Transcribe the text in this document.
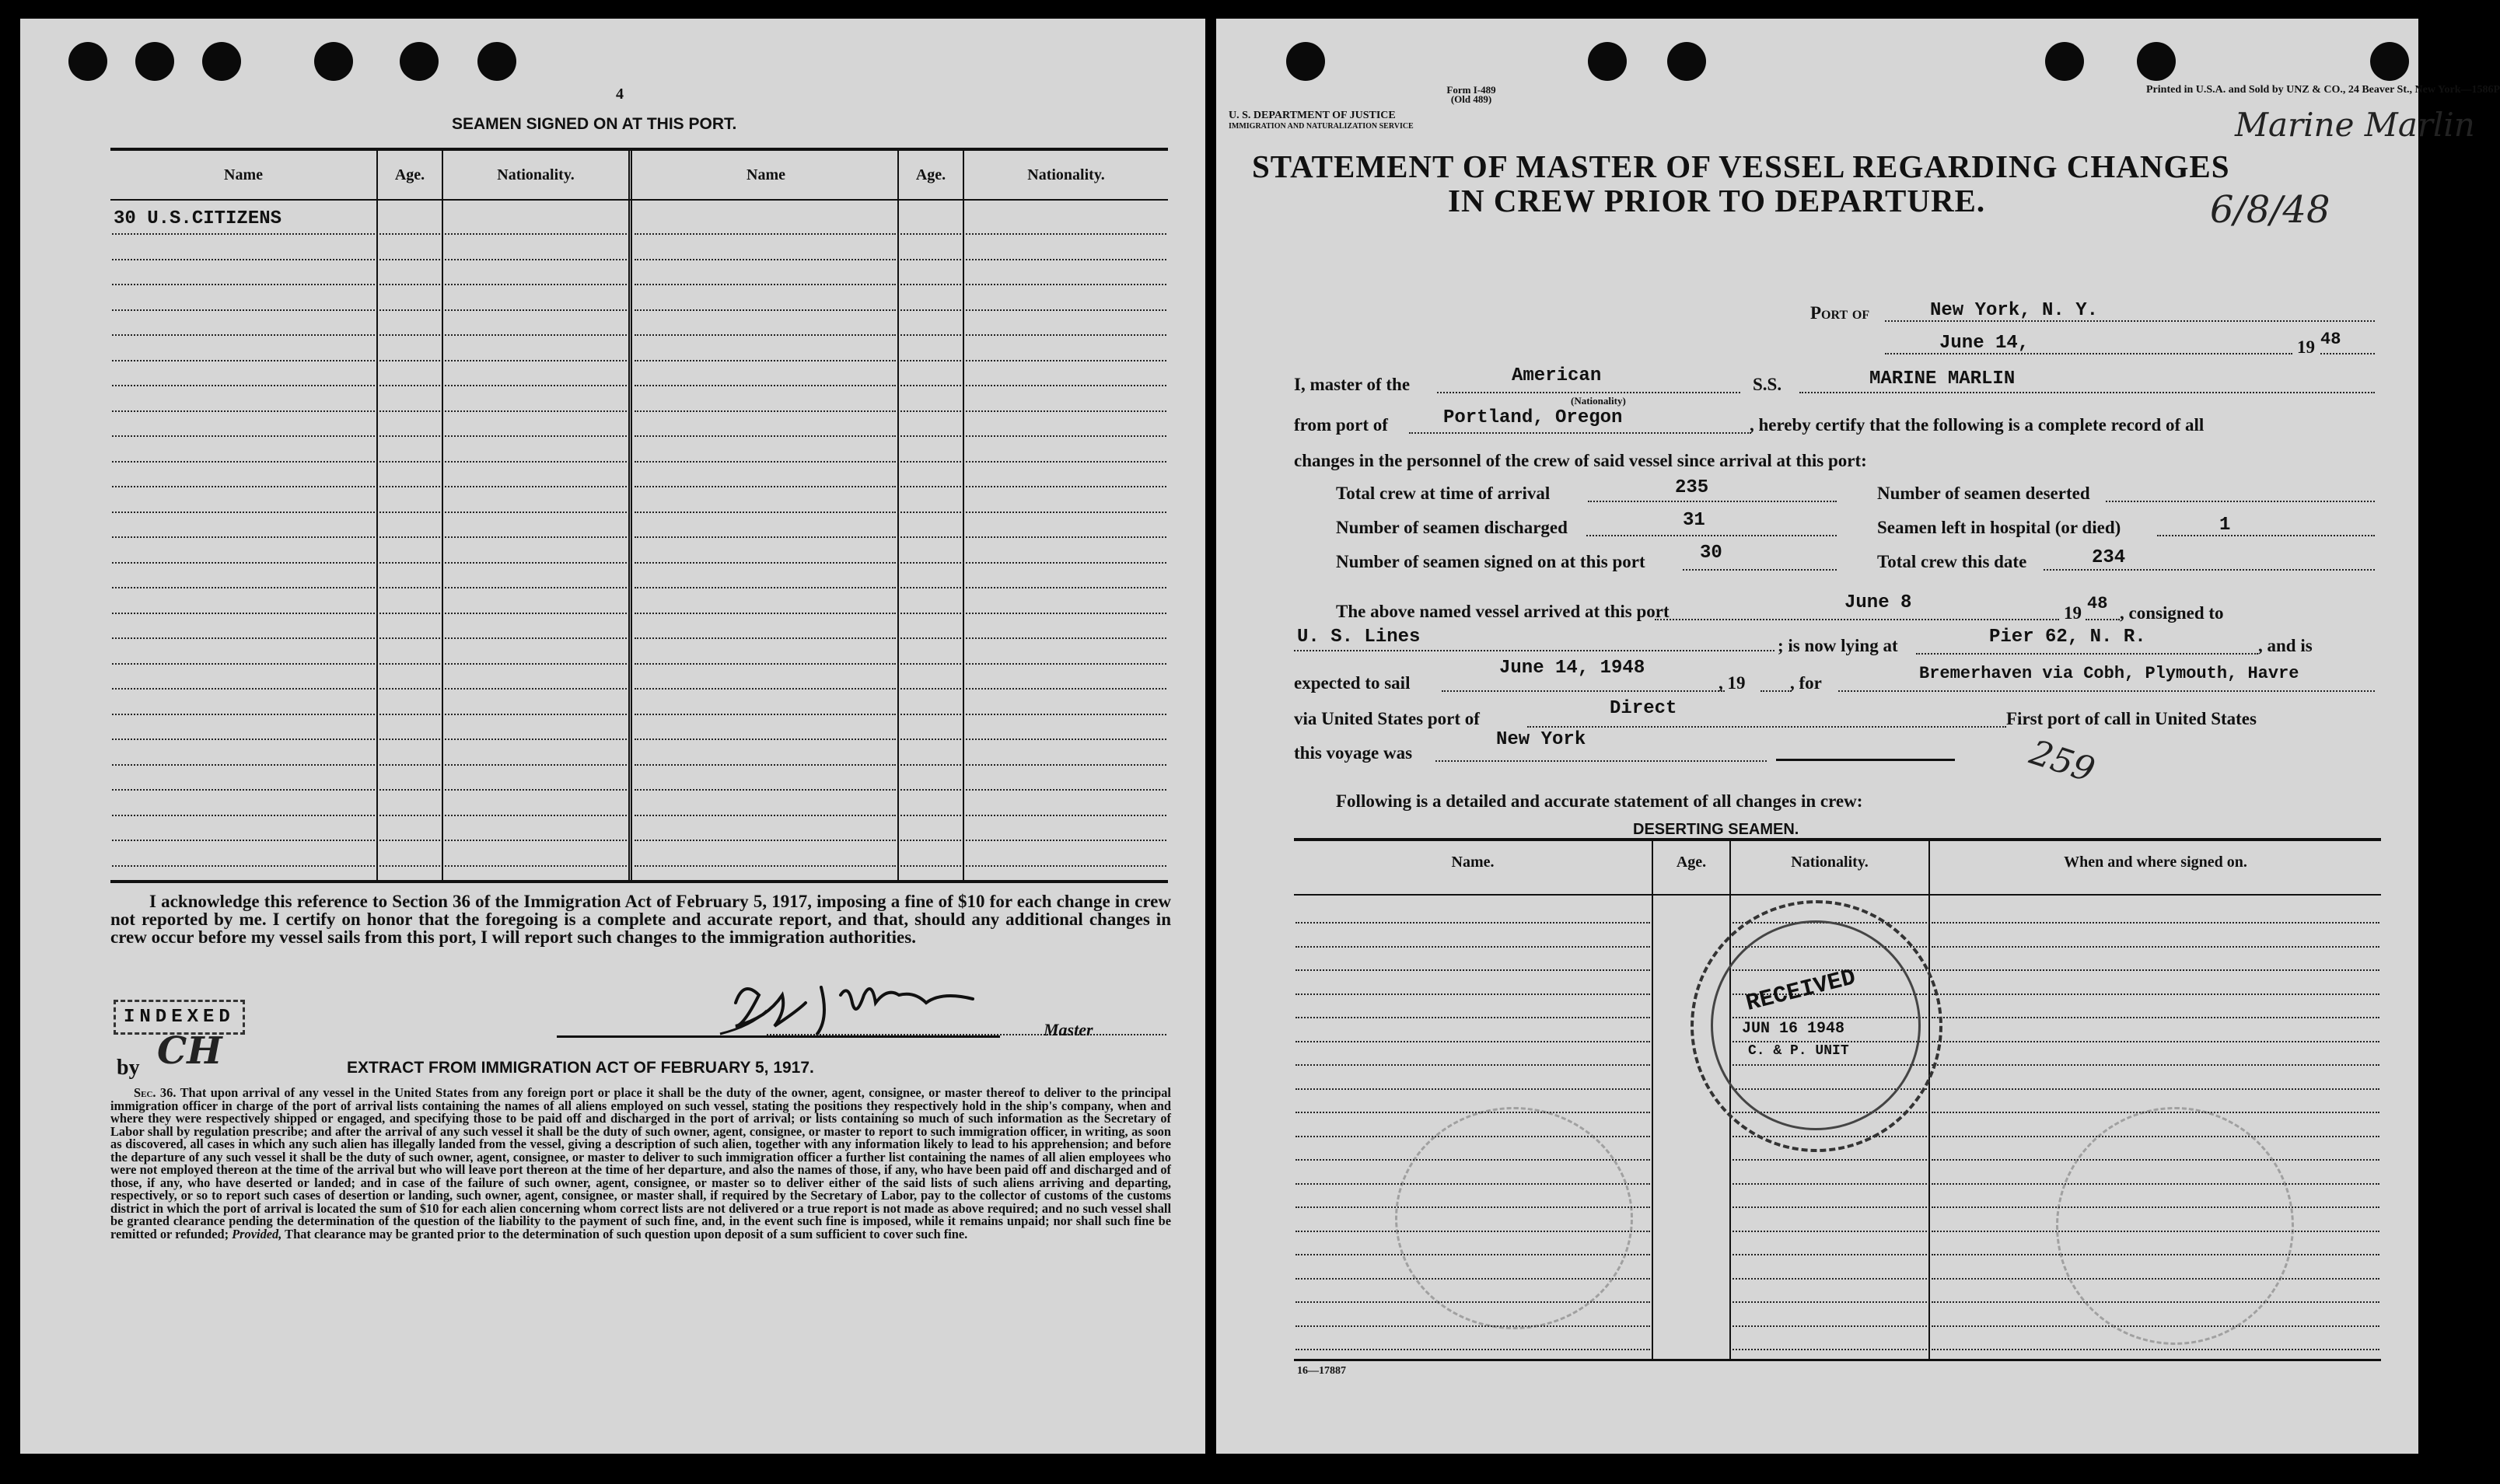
4
SEAMEN SIGNED ON AT THIS PORT.
Name	Age.	Nationality.	Name	Age.	Nationality.
30 U.S.CITIZENS
I acknowledge this reference to Section 36 of the Immigration Act of February 5, 1917, imposing a fine of $10 for each change in crew not reported by me. I certify on honor that the foregoing is a complete and accurate report, and that, should any additional changes in crew occur before my vessel sails from this port, I will report such changes to the immigration authorities.
Master
INDEXED
by CH	EXTRACT FROM IMMIGRATION ACT OF FEBRUARY 5, 1917.
Sec. 36. That upon arrival of any vessel in the United States from any foreign port or place it shall be the duty of the owner, agent, consignee, or master thereof to deliver to the principal immigration officer in charge of the port of arrival lists containing the names of all aliens employed on such vessel, stating the positions they respectively hold in the ship's company, when and where they were respectively shipped or engaged, and specifying those to be paid off and discharged in the port of arrival; or lists containing so much of such information as the Secretary of Labor shall by regulation prescribe; and after the arrival of any such vessel it shall be the duty of such owner, agent, consignee, or master to report to such immigration officer, in writing, as soon as discovered, all cases in which any such alien has illegally landed from the vessel, giving a description of such alien, together with any information likely to lead to his apprehension; and before the departure of any such vessel it shall be the duty of such owner, agent, consignee, or master to deliver to such immigration officer a further list containing the names of all alien employees who were not employed thereon at the time of the arrival but who will leave port thereon at the time of her departure, and also the names of those, if any, who have been paid off and discharged and of those, if any, who have deserted or landed; and in case of the failure of such owner, agent, consignee, or master so to deliver either of the said lists of such aliens arriving and departing, respectively, or so to report such cases of desertion or landing, such owner, agent, consignee, or master shall, if required by the Secretary of Labor, pay to the collector of customs of the customs district in which the port of arrival is located the sum of $10 for each alien concerning whom correct lists are not delivered or a true report is not made as above required; and no such vessel shall be granted clearance pending the determination of the question of the liability to the payment of such fine, and, in the event such fine is imposed, while it remains unpaid; nor shall such fine be remitted or refunded; Provided, That clearance may be granted prior to the determination of such question upon deposit of a sum sufficient to cover such fine.
Form I-489
(Old 489)
U. S. DEPARTMENT OF JUSTICE
IMMIGRATION AND NATURALIZATION SERVICE
Printed in U.S.A. and Sold by UNZ & CO., 24 Beaver St., New York—1586P
Marine Marlin
6/8/48
STATEMENT OF MASTER OF VESSEL REGARDING CHANGES
IN CREW PRIOR TO DEPARTURE.
Port of	New York, N. Y.
June 14,	19 48
I, master of the	American
(Nationality)
S.S.	MARINE MARLIN
from port of	Portland, Oregon	, hereby certify that the following is a complete record of all
changes in the personnel of the crew of said vessel since arrival at this port:
Total crew at time of arrival	235	Number of seamen deserted
Number of seamen discharged	31	Seamen left in hospital (or died)	1
Number of seamen signed on at this port	30	Total crew this date	234
The above named vessel arrived at this port	June 8	19 48 , consigned to
U. S. Lines	; is now lying at	Pier 62, N. R.	, and is
expected to sail
June 14, 1948
, 19	, for	Bremerhaven via Cobh, Plymouth, Havre
via United States port of	Direct	First port of call in United States
this voyage was
New York	259
Following is a detailed and accurate statement of all changes in crew:
DESERTING SEAMEN.
Name.	Age.	Nationality.	When and where signed on.
RECEIVED
JUN 16 1948
C. & P. UNIT
16—17887
